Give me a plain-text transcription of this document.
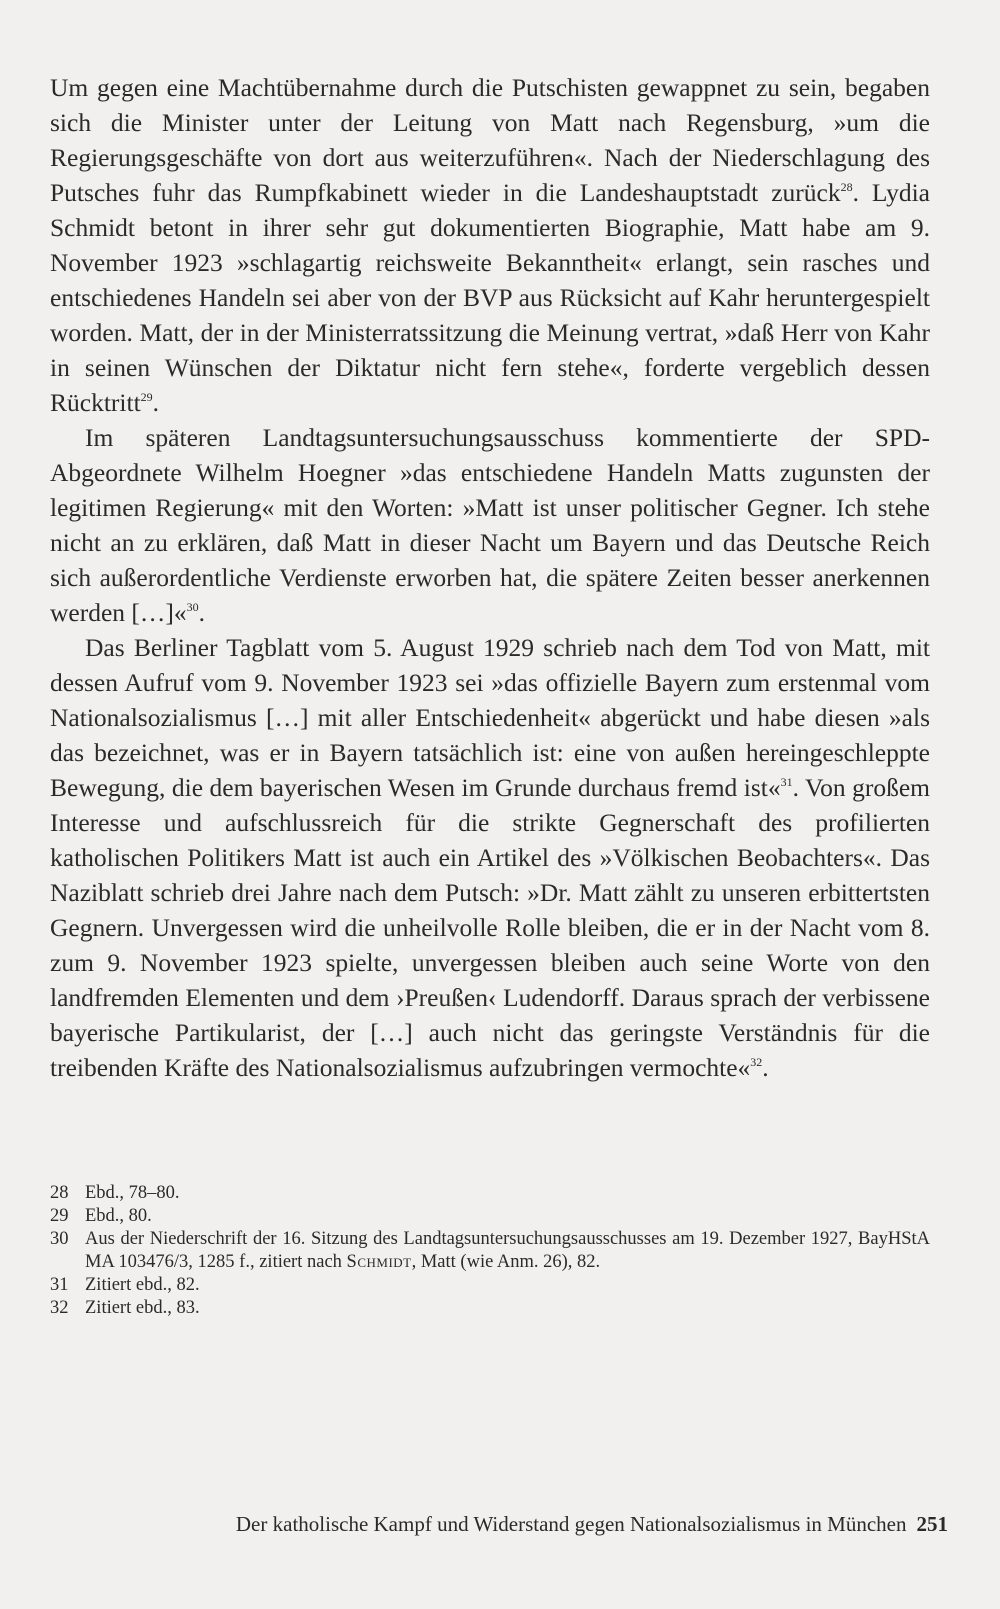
Um gegen eine Machtübernahme durch die Putschisten gewappnet zu sein, begaben sich die Minister unter der Leitung von Matt nach Regensburg, »um die Regierungsgeschäfte von dort aus weiterzuführen«. Nach der Niederschlagung des Putsches fuhr das Rumpfkabinett wieder in die Landeshauptstadt zurück$^{28}$. Lydia Schmidt betont in ihrer sehr gut dokumentierten Biographie, Matt habe am 9. November 1923 »schlagartig reichsweite Bekanntheit« erlangt, sein rasches und entschiedenes Handeln sei aber von der BVP aus Rücksicht auf Kahr heruntergespielt worden. Matt, der in der Ministerratssitzung die Meinung vertrat, »daß Herr von Kahr in seinen Wünschen der Diktatur nicht fern stehe«, forderte vergeblich dessen Rücktritt$^{29}$.

Im späteren Landtagsuntersuchungsausschuss kommentierte der SPD-Abgeordnete Wilhelm Hoegner »das entschiedene Handeln Matts zugunsten der legitimen Regierung« mit den Worten: »Matt ist unser politischer Gegner. Ich stehe nicht an zu erklären, daß Matt in dieser Nacht um Bayern und das Deutsche Reich sich außerordentliche Verdienste erworben hat, die spätere Zeiten besser anerkennen werden […]«$^{30}$.

Das Berliner Tagblatt vom 5. August 1929 schrieb nach dem Tod von Matt, mit dessen Aufruf vom 9. November 1923 sei »das offizielle Bayern zum erstenmal vom Nationalsozialismus […] mit aller Entschiedenheit« abgerückt und habe diesen »als das bezeichnet, was er in Bayern tatsächlich ist: eine von außen hereingeschleppte Bewegung, die dem bayerischen Wesen im Grunde durchaus fremd ist«$^{31}$. Von großem Interesse und aufschlussreich für die strikte Gegnerschaft des profilierten katholischen Politikers Matt ist auch ein Artikel des »Völkischen Beobachters«. Das Naziblatt schrieb drei Jahre nach dem Putsch: »Dr. Matt zählt zu unseren erbittertsten Gegnern. Unvergessen wird die unheilvolle Rolle bleiben, die er in der Nacht vom 8. zum 9. November 1923 spielte, unvergessen bleiben auch seine Worte von den landfremden Elementen und dem ›Preußen‹ Ludendorff. Daraus sprach der verbissene bayerische Partikularist, der […] auch nicht das geringste Verständnis für die treibenden Kräfte des Nationalsozialismus aufzubringen vermochte«$^{32}$.

28 Ebd., 78–80.
29 Ebd., 80.
30 Aus der Niederschrift der 16. Sitzung des Landtagsuntersuchungsausschusses am 19. Dezember 1927, BayHStA MA 103476/3, 1285 f., zitiert nach Schmidt, Matt (wie Anm. 26), 82.
31 Zitiert ebd., 82.
32 Zitiert ebd., 83.
Der katholische Kampf und Widerstand gegen Nationalsozialismus in München 251
